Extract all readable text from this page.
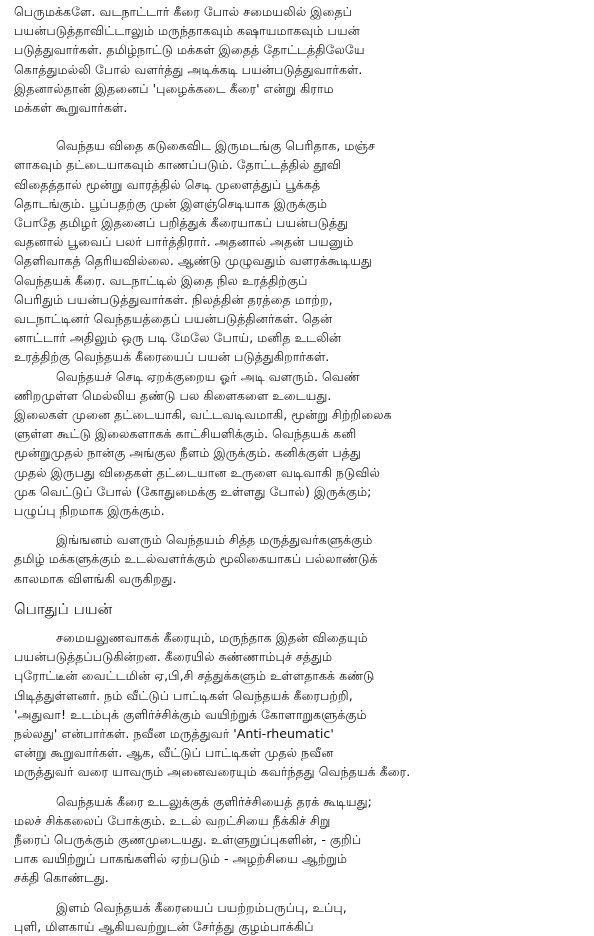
பெருமக்களே. வடநாட்டார் கீரை போல் சமையலில் இதைப்
பயன்படுத்தாவிட்டாலும் மருந்தாகவும் கஷாயமாகவும் பயன்
படுத்துவார்கள். தமிழ்நாட்டு மக்கள் இதைத் தோட்டத்திலேயே
கொத்துமல்லி போல் வளர்த்து அடிக்கடி பயன்படுத்துவார்கள்.
இதனால்தான் இதனைப் 'புழைக்கடை கீரை' என்று கிராம
மக்கள் கூறுவார்கள்.
வெந்தய விதை கடுகைவிட இருமடங்கு பெரிதாக, மஞ்ச
ளாகவும் தட்டையாகவும் காணப்படும். தோட்டத்தில் தூவி
விதைத்தால் மூன்று வாரத்தில் செடி முளைத்துப் பூக்கத்
தொடங்கும். பூப்பதற்கு முன் இளஞ்செடியாக இருக்கும்
போதே தமிழர் இதனைப் பறித்துக் கீரையாகப் பயன்படுத்து
வதனால் பூவைப் பலர் பார்த்திரார். அதனால் அதன் பயனும்
தெளிவாகத் தெரியவில்லை. ஆண்டு முழுவதும் வளரக்கூடியது
வெந்தயக் கீரை. வடநாட்டில் இதை நில உரத்திற்குப்
பெரிதும் பயன்படுத்துவார்கள். நிலத்தின் தரத்தை மாற்ற,
வடநாட்டினர் வெந்தயத்தைப் பயன்படுத்தினர்கள். தென்
னாட்டார் அதிலும் ஒரு படி மேலே போய், மனித உடலின்
உரத்திற்கு வெந்தயக் கீரையைப் பயன் படுத்துகிறார்கள்.
வெந்தயச் செடி ஏறக்குறைய ஓர் அடி வளரும். வெண்
ணிறமுள்ள மெல்லிய தண்டு பல கிளைகளை உடையது.
இலைகள் முனை தட்டையாகி, வட்டவடிவமாகி, மூன்று சிற்றிலைக
ளுள்ள கூட்டு இலைகளாகக் காட்சியளிக்கும். வெந்தயக் கனி
மூன்றுமுதல் நான்கு அங்குல நீளம் இருக்கும். கனிக்குள் பத்து
முதல் இருபது விதைகள் தட்டையான உருளை வடிவாகி நடுவில்
முக வெட்டுப் போல் (கோதுமைக்கு உள்ளது போல்) இருக்கும்;
பழுப்பு நிறமாக இருக்கும்.
இங்ஙனம் வளரும் வெந்தயம் சித்த மருத்துவர்களுக்கும்
தமிழ் மக்களுக்கும் உடல்வளர்க்கும் மூலிகையாகப் பல்லாண்டுக்
காலமாக விளங்கி வருகிறது.
பொதுப் பயன்
சமையலுணவாகக் கீரையும், மருந்தாக இதன் விதையும்
பயன்படுத்தப்படுகின்றன. கீரையில் சுண்ணாம்புச் சத்தும்
புரோட்டீன் வைட்டமின் ஏ,பி,சி சத்துக்களும் உள்ளதாகக் கண்டு
பிடித்துள்ளனர். நம் வீட்டுப் பாட்டிகள் வெந்தயக் கீரைபற்றி,
'அதுவா! உடம்புக் குளிர்ச்சிக்கும் வயிற்றுக் கோளாறுகளுக்கும்
நல்லது' என்பார்கள். நவீன மருத்துவர் 'Anti-rheumatic'
என்று கூறுவார்கள். ஆக, வீட்டுப் பாட்டிகள் முதல் நவீன
மருத்துவர் வரை யாவரும் அனைவரையும் கவர்ந்தது வெந்தயக் கீரை.
வெந்தயக் கீரை உடலுக்குக் குளிர்ச்சியைத் தரக் கூடியது;
மலச் சிக்கலைப் போக்கும். உடல் வறட்சியை நீக்கிச் சிறு
நீரைப் பெருக்கும் குணமுடையது. உள்ளுறுப்புகளின், - குறிப்
பாக வயிற்றுப் பாகங்களில் ஏற்படும் - அழற்சியை ஆற்றும்
சக்தி கொண்டது.
இளம் வெந்தயக் கீரையைப் பயற்றம்பருப்பு, உப்பு,
புளி, மிளகாய் ஆகியவற்றுடன் சேர்த்து குழம்பாக்கிப்
